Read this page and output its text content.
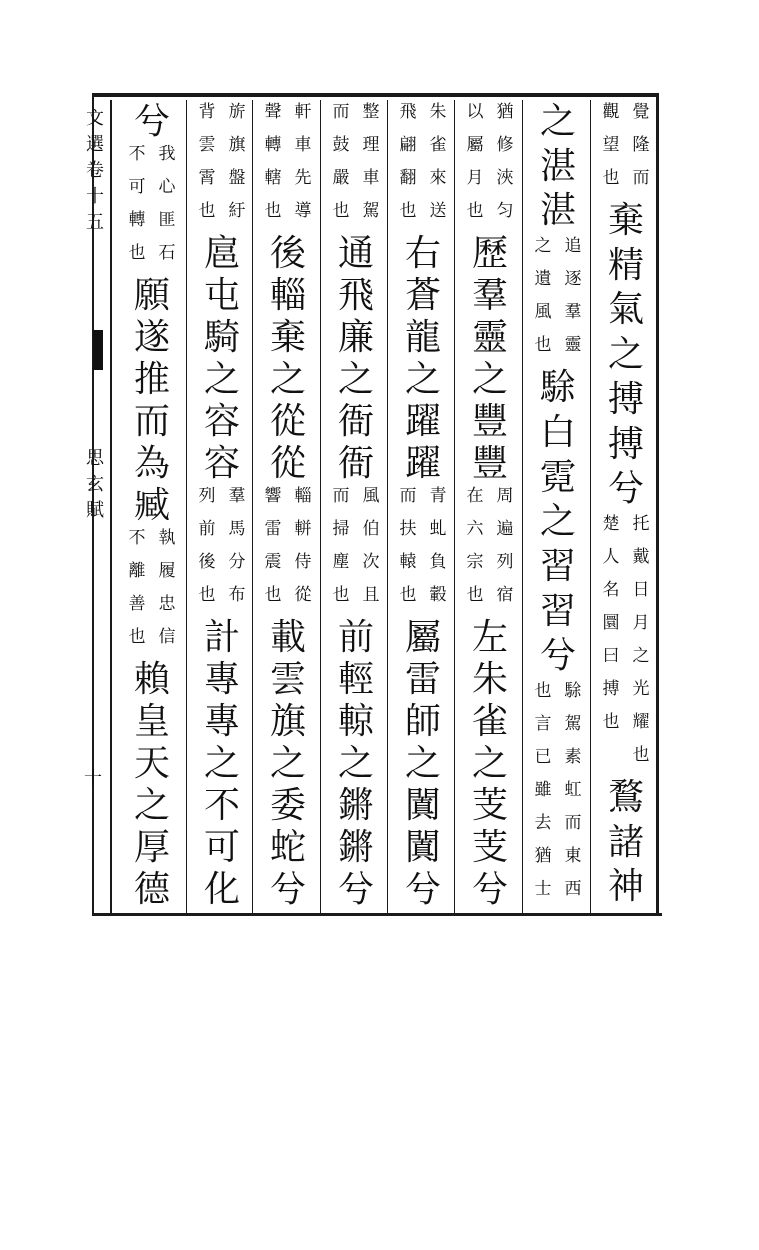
文
選
卷
十
五
思
玄
賦
十
覺
隆
而
觀
望
也
棄
精
氣
之
搏
搏
兮
托
戴
日
月
之
光
耀
也
楚
人
名
圜
曰
搏
也
鶩
諸
神
之
湛
湛
追
逐
羣
靈
之
遺
風
也
駼
白
霓
之
習
習
兮
駼
駕
素
虹
而
東
西
也
言
已
雖
去
猶
士
猶
修
浹
匀
以
屬
月
也
歷
羣
靈
之
豐
豐
周
遍
列
宿
在
六
宗
也
左
朱
雀
之
芰
芰
兮
朱
雀
來
送
飛
翩
翻
也
右
蒼
龍
之
躍
躍
青
虬
負
轂
而
扶
轅
也
屬
雷
師
之
闐
闐
兮
整
理
車
駕
而
鼓
嚴
也
通
飛
廉
之
衙
衙
風
伯
次
且
而
掃
塵
也
前
輕
輬
之
鏘
鏘
兮
軒
車
先
導
聲
轉
轄
也
後
輜
棄
之
從
從
輜
軿
侍
從
響
雷
震
也
載
雲
旗
之
委
蛇
兮
旂
旗
盤
紆
背
雲
霄
也
扈
屯
騎
之
容
容
羣
馬
分
布
列
前
後
也
計
專
專
之
不
可
化
兮
我
心
匪
石
不
可
轉
也
願
遂
推
而
為
臧
執
履
忠
信
不
離
善
也
賴
皇
天
之
厚
德
